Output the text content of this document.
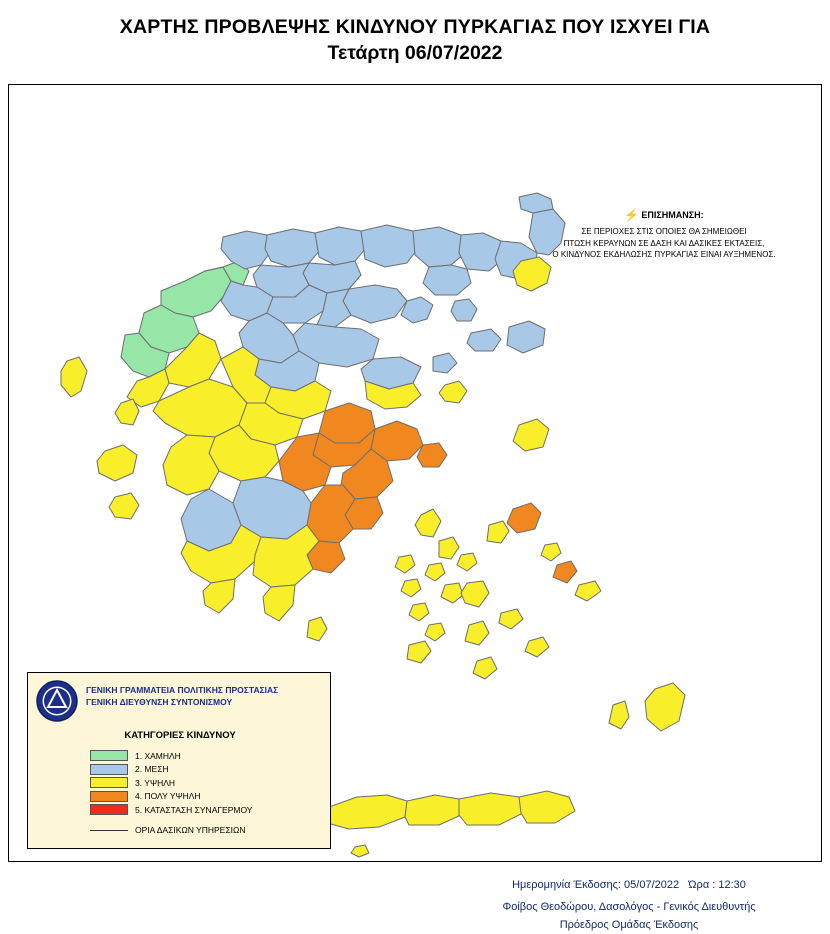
ΧΑΡΤΗΣ ΠΡΟΒΛΕΨΗΣ ΚΙΝΔΥΝΟΥ ΠΥΡΚΑΓΙΑΣ ΠΟΥ ΙΣΧΥΕΙ ΓΙΑ
Τετάρτη 06/07/2022
⚡ ΕΠΙΣΗΜΑΝΣΗ:
ΣΕ ΠΕΡΙΟΧΕΣ ΣΤΙΣ ΟΠΟΙΕΣ ΘΑ ΣΗΜΕΙΩΘΕΙ
ΠΤΩΣΗ ΚΕΡΑΥΝΩΝ ΣΕ ΔΑΣΗ ΚΑΙ ΔΑΣΙΚΕΣ ΕΚΤΑΣΕΙΣ,
Ο ΚΙΝΔΥΝΟΣ ΕΚΔΗΛΩΣΗΣ ΠΥΡΚΑΓΙΑΣ ΕΙΝΑΙ ΑΥΞΗΜΕΝΟΣ.
ΓΕΝΙΚΗ ΓΡΑΜΜΑΤΕΙΑ ΠΟΛΙΤΙΚΗΣ ΠΡΟΣΤΑΣΙΑΣ
ΓΕΝΙΚΗ ΔΙΕΥΘΥΝΣΗ ΣΥΝΤΟΝΙΣΜΟΥ
ΚΑΤΗΓΟΡΙΕΣ ΚΙΝΔΥΝΟΥ
1. ΧΑΜΗΛΗ
2. ΜΕΣΗ
3. ΥΨΗΛΗ
4. ΠΟΛΥ ΥΨΗΛΗ
5. ΚΑΤΑΣΤΑΣΗ ΣΥΝΑΓΕΡΜΟΥ
ΟΡΙΑ ΔΑΣΙΚΩΝ ΥΠΗΡΕΣΙΩΝ
Ημερομηνία Έκδοσης: 05/07/2022 Ώρα : 12:30
Φοίβος Θεοδώρου, Δασολόγος - Γενικός Διευθυντής
Πρόεδρος Ομάδας Έκδοσης
